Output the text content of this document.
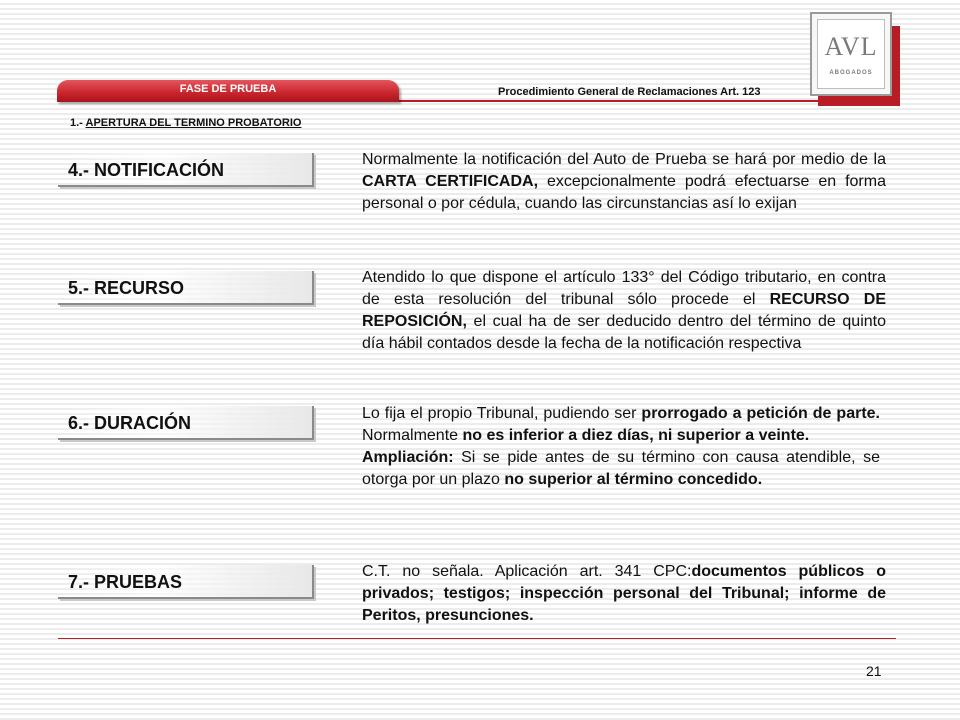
AVL
ABOGADOS
FASE DE PRUEBA	Procedimiento General de Reclamaciones Art. 123
1.- APERTURA DEL TERMINO PROBATORIO
4.- NOTIFICACIÓN

Normalmente la notificación del Auto de Prueba se hará por medio de la CARTA CERTIFICADA, excepcionalmente podrá efectuarse en forma personal o por cédula, cuando las circunstancias así lo exijan

5.- RECURSO

Atendido lo que dispone el artículo 133° del Código tributario, en contra de esta resolución del tribunal sólo procede el RECURSO DE REPOSICIÓN, el cual ha de ser deducido dentro del término de quinto día hábil contados desde la fecha de la notificación respectiva

6.- DURACIÓN	Lo fija el propio Tribunal, pudiendo ser prorrogado a petición de parte. Normalmente no es inferior a diez días, ni superior a veinte.

Ampliación: Si se pide antes de su término con causa atendible, se otorga por un plazo no superior al término concedido.

7.- PRUEBAS

C.T. no señala. Aplicación art. 341 CPC:documentos públicos o privados; testigos; inspección personal del Tribunal; informe de Peritos, presunciones.

21
